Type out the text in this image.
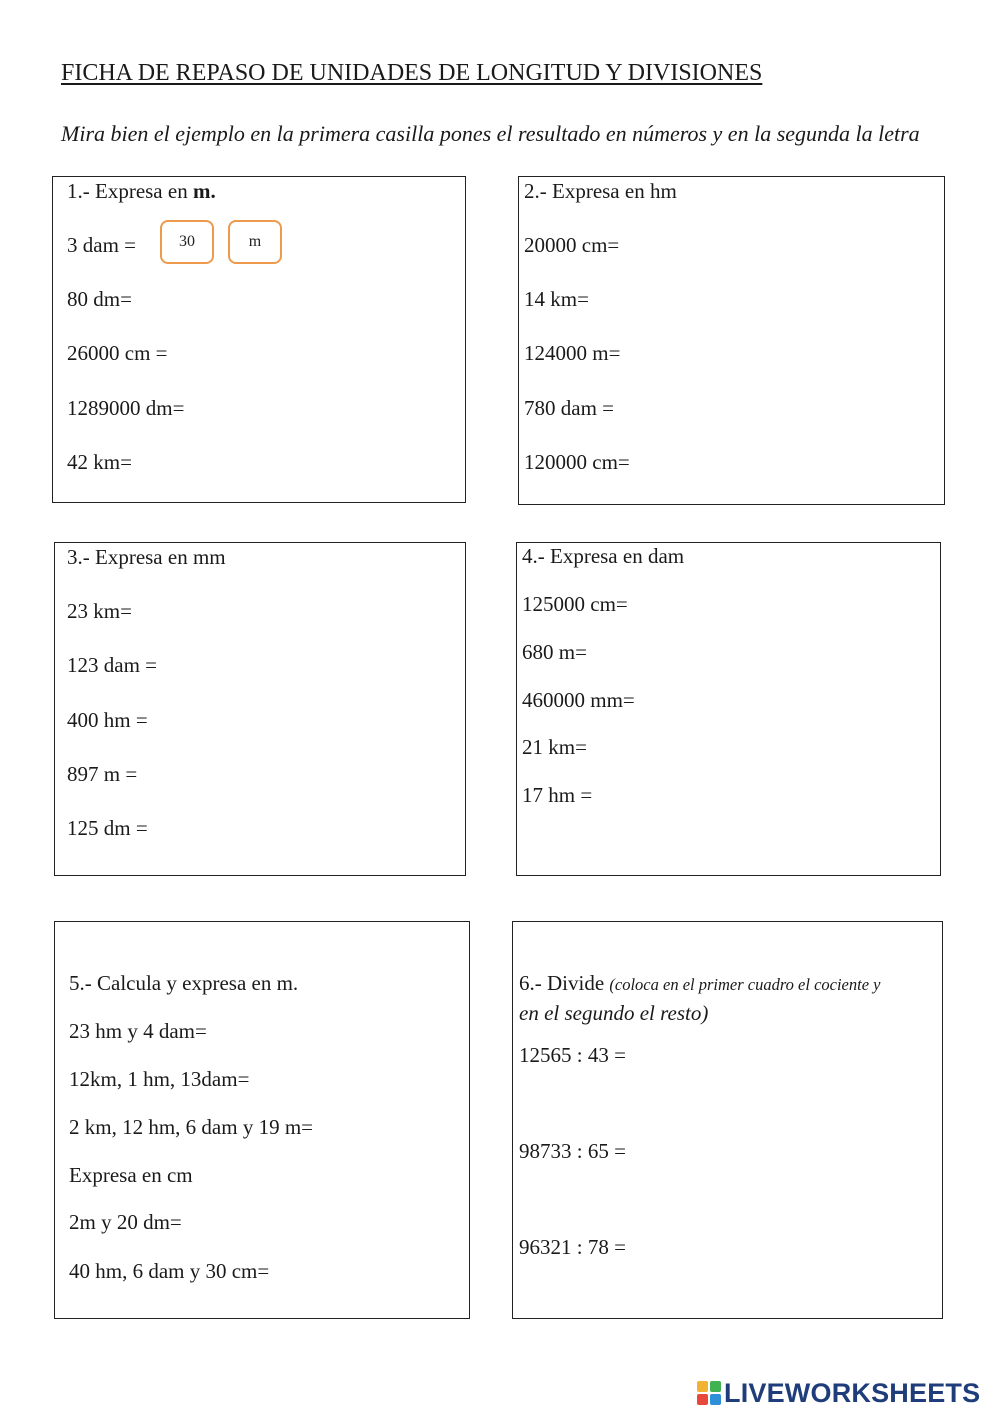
FICHA DE REPASO DE UNIDADES DE LONGITUD Y DIVISIONES
Mira bien el ejemplo en la primera casilla pones el resultado en números y en la segunda la letra
1.- Expresa en m.
3 dam =	30	m
80 dm=
26000 cm =
1289000 dm=
42 km=
2.- Expresa en hm
20000 cm=
14 km=
124000 m=
780 dam =
120000 cm=
3.- Expresa en mm
23 km=
123 dam =
400 hm =
897 m =
125 dm =
4.- Expresa en dam
125000 cm=
680 m=
460000 mm=
21 km=
17 hm =
5.- Calcula y expresa en m.
23 hm y 4 dam=
12km, 1 hm, 13dam=
2 km, 12 hm, 6 dam y 19 m=
Expresa en cm
2m y 20 dm=
40 hm, 6 dam y 30 cm=
6.- Divide (coloca en el primer cuadro el cociente y
en el segundo el resto)
12565 : 43 =
98733 : 65 =
96321 : 78 =
LIVEWORKSHEETS
